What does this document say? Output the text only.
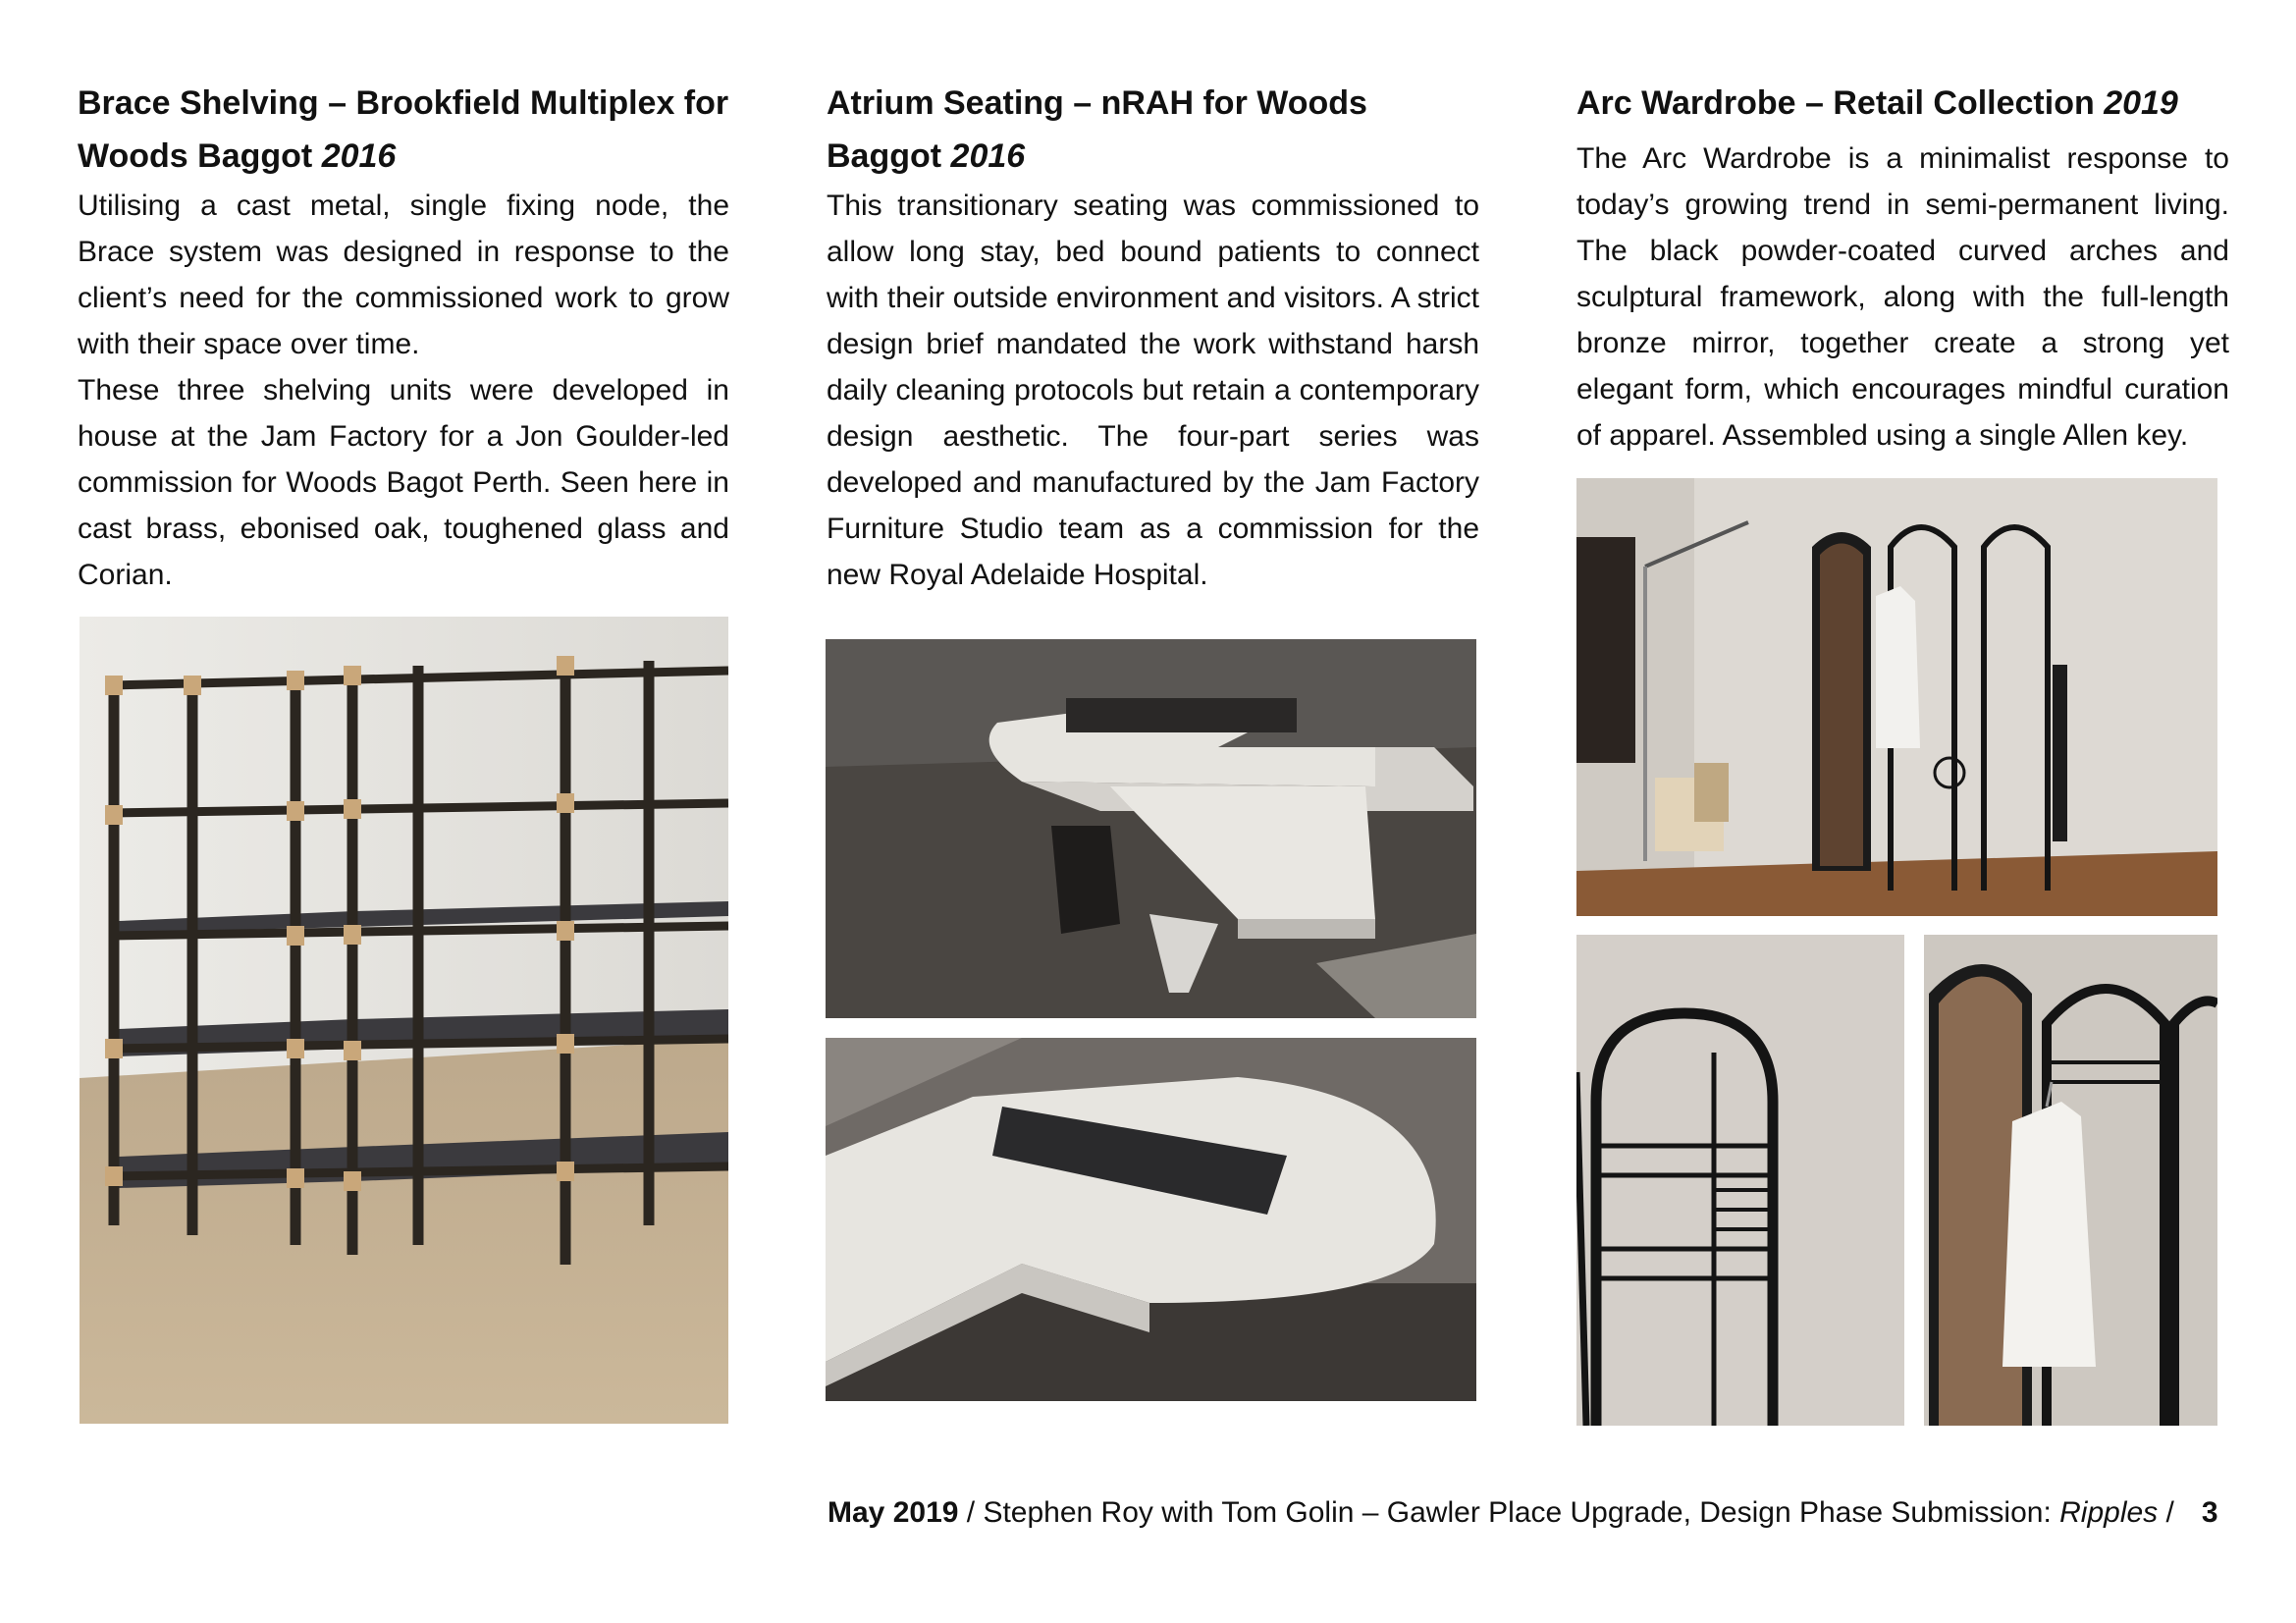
Brace Shelving – Brookfield Multiplex for Woods Baggot 2016

Utilising a cast metal, single fixing node, the Brace system was designed in response to the client’s need for the commissioned work to grow with their space over time.

These three shelving units were developed in house at the Jam Factory for a Jon Goulder-led commission for Woods Bagot Perth. Seen here in cast brass, ebonised oak, toughened glass and Corian.

Atrium Seating – nRAH for Woods Baggot 2016

This transitionary seating was commissioned to allow long stay, bed bound patients to connect with their outside environment and visitors. A strict design brief mandated the work withstand harsh daily cleaning protocols but retain a contemporary design aesthetic. The four-part series was developed and manufactured by the Jam Factory Furniture Studio team as a commission for the new Royal Adelaide Hospital.

Arc Wardrobe – Retail Collection 2019

The Arc Wardrobe is a minimalist response to today’s growing trend in semi-permanent living. The black powder-coated curved arches and sculptural framework, along with the full-length bronze mirror, together create a strong yet elegant form, which encourages mindful curation of apparel. Assembled using a single Allen key.

May 2019 / Stephen Roy with Tom Golin – Gawler Place Upgrade, Design Phase Submission: Ripples / 3
